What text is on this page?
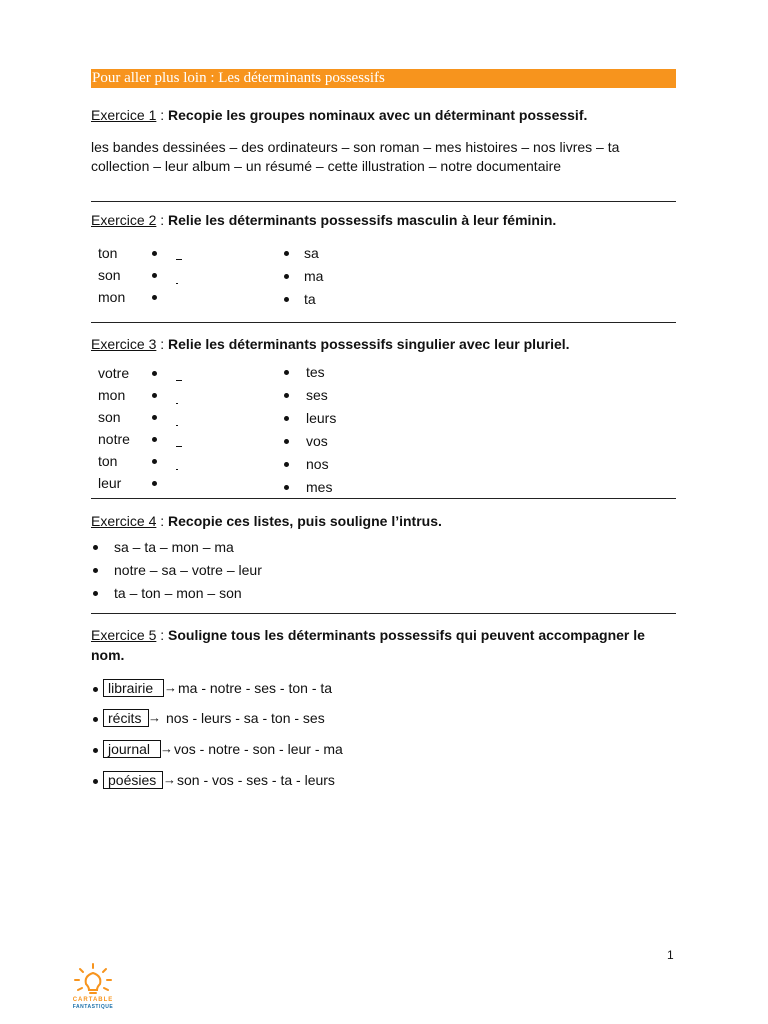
Pour aller plus loin : Les déterminants possessifs
Exercice 1 : Recopie les groupes nominaux avec un déterminant possessif.
les bandes dessinées – des ordinateurs – son roman – mes histoires – nos livres – ta
collection – leur album – un résumé – cette illustration – notre documentaire
Exercice 2 : Relie les déterminants possessifs masculin à leur féminin.
ton
son
mon
sa
ma
ta
Exercice 3 : Relie les déterminants possessifs singulier avec leur pluriel.
votre
mon
son
notre
ton
leur
tes
ses
leurs
vos
nos
mes
Exercice 4 : Recopie ces listes, puis souligne l’intrus.
sa – ta – mon – ma
notre – sa – votre – leur
ta – ton – mon – son
Exercice 5 : Souligne tous les déterminants possessifs qui peuvent accompagner le
nom.
librairie → ma - notre - ses - ton - ta
récits → nos - leurs - sa - ton - ses
journal → vos - notre - son - leur - ma
poésies → son - vos - ses - ta - leurs
1
CARTABLE
FANTASTIQUE
